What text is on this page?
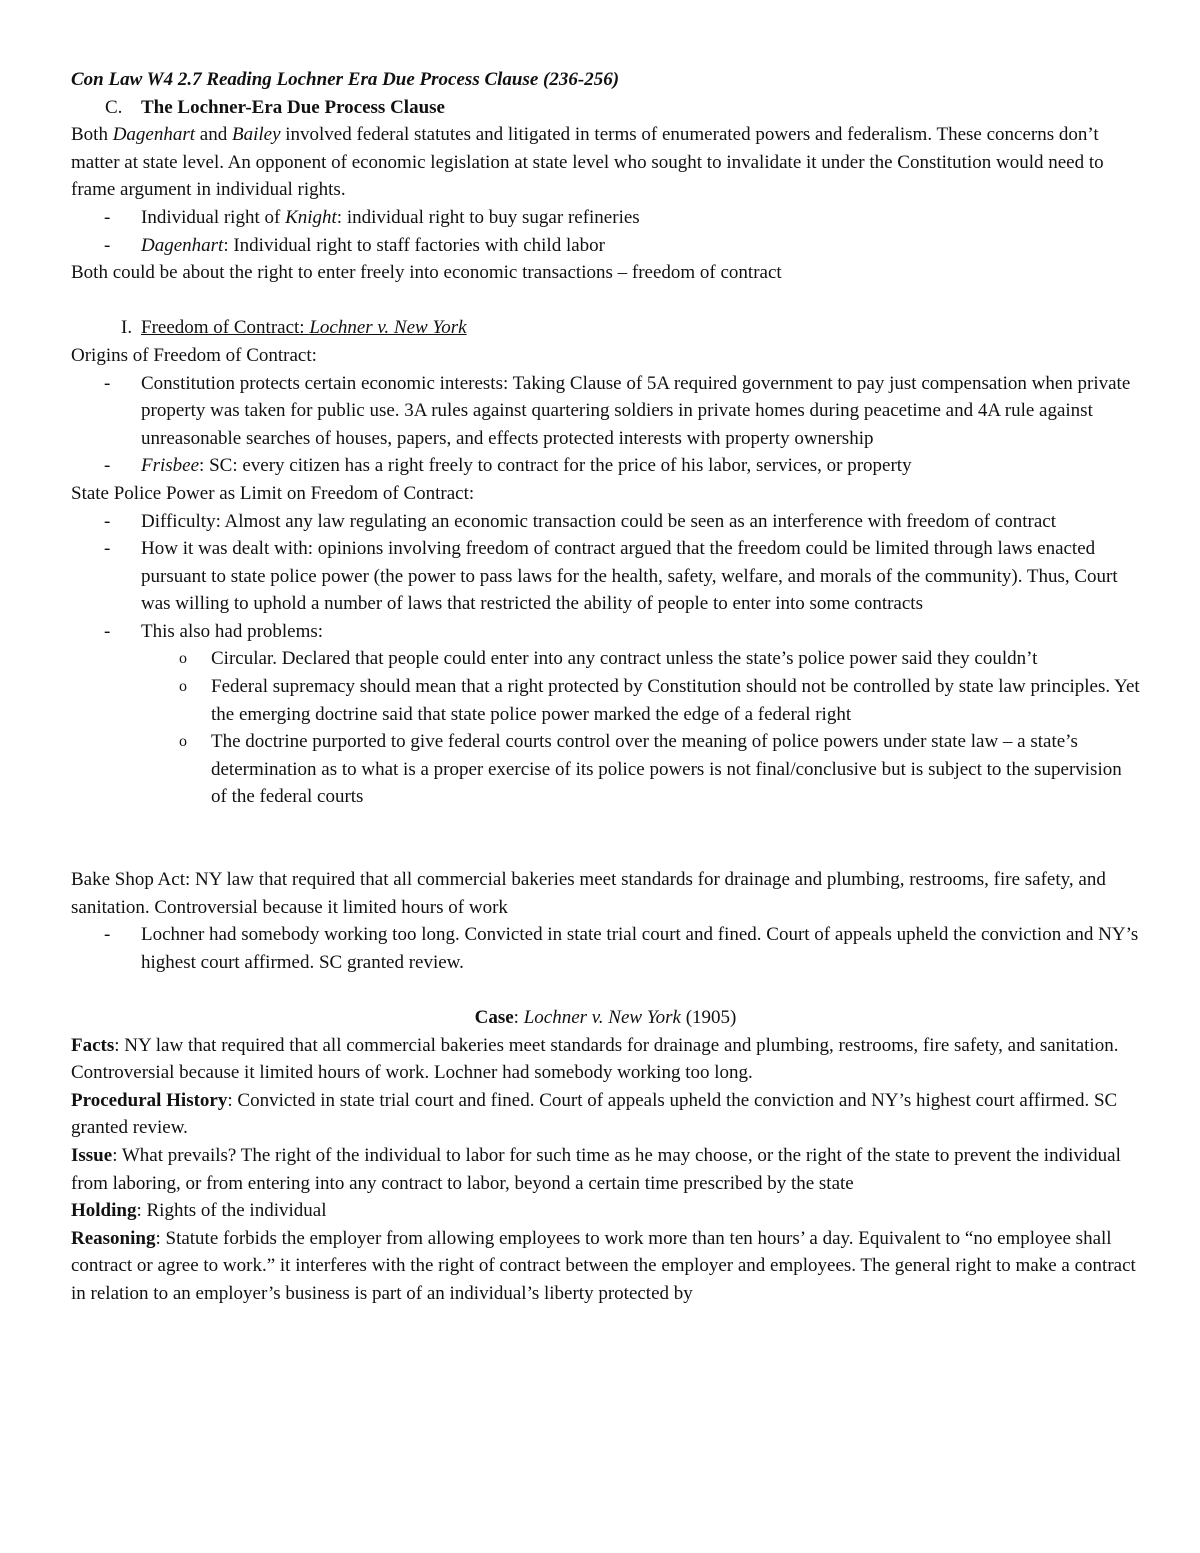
Con Law W4 2.7 Reading Lochner Era Due Process Clause (236-256)

C. The Lochner-Era Due Process Clause

Both Dagenhart and Bailey involved federal statutes and litigated in terms of enumerated powers and federalism. These concerns don’t matter at state level. An opponent of economic legislation at state level who sought to invalidate it under the Constitution would need to frame argument in individual rights.

- Individual right of Knight: individual right to buy sugar refineries
- Dagenhart: Individual right to staff factories with child labor

Both could be about the right to enter freely into economic transactions – freedom of contract

I. Freedom of Contract: Lochner v. New York

Origins of Freedom of Contract:

- Constitution protects certain economic interests: Taking Clause of 5A required government to pay just compensation when private property was taken for public use. 3A rules against quartering soldiers in private homes during peacetime and 4A rule against unreasonable searches of houses, papers, and effects protected interests with property ownership
- Frisbee: SC: every citizen has a right freely to contract for the price of his labor, services, or property

State Police Power as Limit on Freedom of Contract:

- Difficulty: Almost any law regulating an economic transaction could be seen as an interference with freedom of contract
- How it was dealt with: opinions involving freedom of contract argued that the freedom could be limited through laws enacted pursuant to state police power (the power to pass laws for the health, safety, welfare, and morals of the community). Thus, Court was willing to uphold a number of laws that restricted the ability of people to enter into some contracts
- This also had problems:
o Circular. Declared that people could enter into any contract unless the state’s police power said they couldn’t
o Federal supremacy should mean that a right protected by Constitution should not be controlled by state law principles. Yet the emerging doctrine said that state police power marked the edge of a federal right
o The doctrine purported to give federal courts control over the meaning of police powers under state law – a state’s determination as to what is a proper exercise of its police powers is not final/conclusive but is subject to the supervision of the federal courts

Bake Shop Act: NY law that required that all commercial bakeries meet standards for drainage and plumbing, restrooms, fire safety, and sanitation. Controversial because it limited hours of work

- Lochner had somebody working too long. Convicted in state trial court and fined. Court of appeals upheld the conviction and NY’s highest court affirmed. SC granted review.

Case: Lochner v. New York (1905)

Facts: NY law that required that all commercial bakeries meet standards for drainage and plumbing, restrooms, fire safety, and sanitation. Controversial because it limited hours of work. Lochner had somebody working too long.

Procedural History: Convicted in state trial court and fined. Court of appeals upheld the conviction and NY’s highest court affirmed. SC granted review.

Issue: What prevails? The right of the individual to labor for such time as he may choose, or the right of the state to prevent the individual from laboring, or from entering into any contract to labor, beyond a certain time prescribed by the state

Holding: Rights of the individual

Reasoning: Statute forbids the employer from allowing employees to work more than ten hours’ a day. Equivalent to “no employee shall contract or agree to work.” it interferes with the right of contract between the employer and employees. The general right to make a contract in relation to an employer’s business is part of an individual’s liberty protected by
